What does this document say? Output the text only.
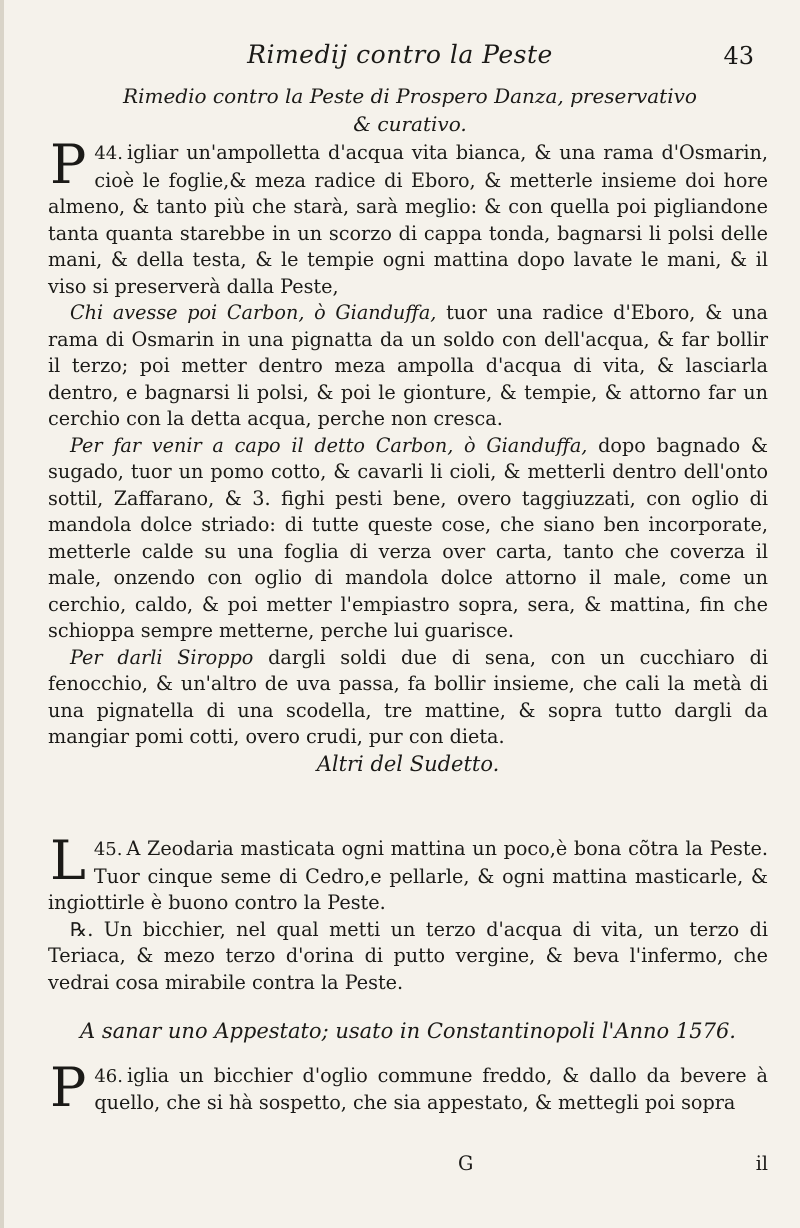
Rimedij contro la Peste	43
Rimedio contro la Peste di Prospero Danza, preservativo
& curativo.

44.
P igliar un'ampolletta d'acqua vita bianca, & una rama d'Osmarin, cioè le foglie,& meza radice di Eboro, & metterle insieme doi hore almeno, & tanto più che starà, sarà meglio: & con quella poi pigliandone tanta quanta starebbe in un scorzo di cappa tonda, bagnarsi li polsi delle mani, & della testa, & le tempie ogni mattina dopo lavate le mani, & il viso si preserverà dalla Peste,

Chi avesse poi Carbon, ò Gianduffa, tuor una radice d'Eboro, & una rama di Osmarin in una pignatta da un soldo con dell'acqua, & far bollir il terzo; poi metter dentro meza ampolla d'acqua di vita, & lasciarla dentro, e bagnarsi li polsi, & poi le gionture, & tempie, & attorno far un cerchio con la detta acqua, perche non cresca.

Per far venir a capo il detto Carbon, ò Gianduffa, dopo bagnado & sugado, tuor un pomo cotto, & cavarli li cioli, & metterli dentro dell'onto sottil, Zaffarano, & 3. fighi pesti bene, overo taggiuzzati, con oglio di mandola dolce striado: di tutte queste cose, che siano ben incorporate, metterle calde su una foglia di verza over carta, tanto che coverza il male, onzendo con oglio di mandola dolce attorno il male, come un cerchio, caldo, & poi metter l'empiastro sopra, sera, & mattina, fin che schioppa sempre metterne, perche lui guarisce.

Per darli Siroppo dargli soldi due di sena, con un cucchiaro di fenocchio, & un'altro de uva passa, fa bollir insieme, che cali la metà di una pignatella di una scodella, tre mattine, & sopra tutto dargli da mangiar pomi cotti, overo crudi, pur con dieta.

Altri del Sudetto.

45.
L A Zeodaria masticata ogni mattina un poco,è bona cõtra la Peste. Tuor cinque seme di Cedro,e pellarle, & ogni mattina masticarle, & ingiottirle è buono contro la Peste.

℞. Un bicchier, nel qual metti un terzo d'acqua di vita, un terzo di Teriaca, & mezo terzo d'orina di putto vergine, & beva l'infermo, che vedrai cosa mirabile contra la Peste.

A sanar uno Appestato; usato in Constantinopoli l'Anno 1576.

46.
P iglia un bicchier d'oglio commune freddo, & dallo da bevere à quello, che si hà sospetto, che sia appestato, & mettegli poi sopra

G	il
